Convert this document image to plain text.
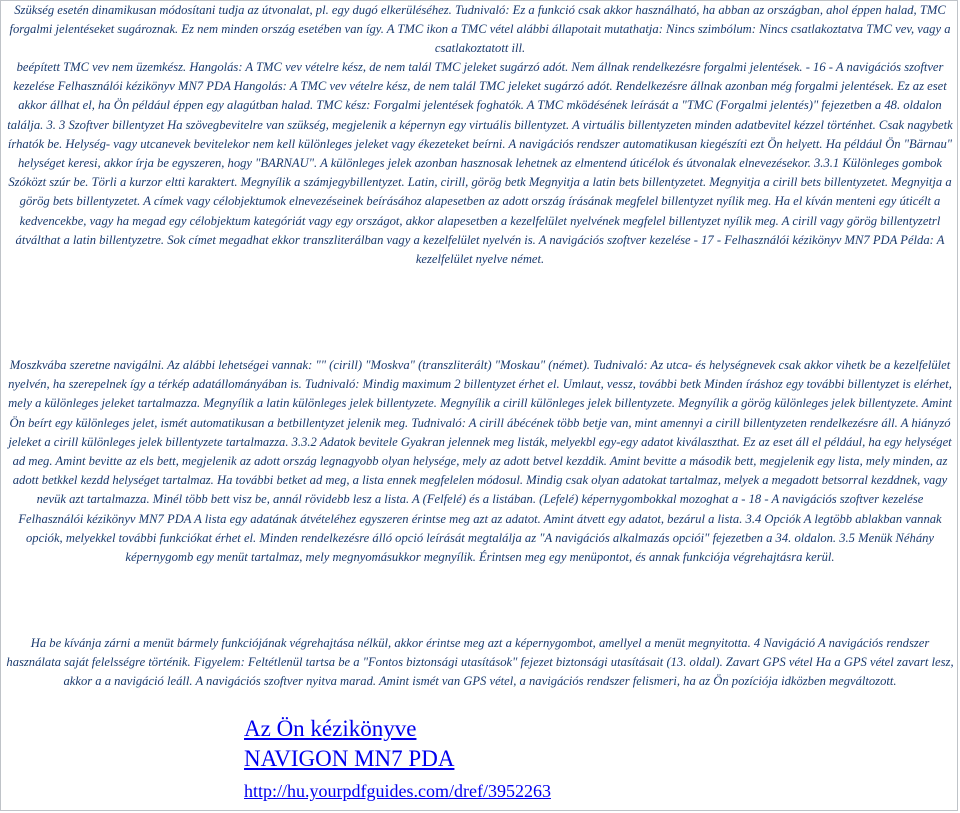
Szükség esetén dinamikusan módosítani tudja az útvonalat, pl. egy dugó elkerüléséhez. Tudnivaló: Ez a funkció csak akkor használható, ha abban az országban, ahol éppen halad, TMC forgalmi jelentéseket sugároznak. Ez nem minden ország esetében van így. A TMC ikon a TMC vétel alábbi állapotait mutathatja: Nincs szimbólum: Nincs csatlakoztatva TMC vev, vagy a csatlakoztatott ill.
beépített TMC vev nem üzemkész. Hangolás: A TMC vev vételre kész, de nem talál TMC jeleket sugárzó adót. Nem állnak rendelkezésre forgalmi jelentések. - 16 - A navigációs szoftver kezelése Felhasználói kézikönyv MN7 PDA Hangolás: A TMC vev vételre kész, de nem talál TMC jeleket sugárzó adót. Rendelkezésre állnak azonban még forgalmi jelentések. Ez az eset akkor állhat el, ha Ön például éppen egy alagútban halad. TMC kész: Forgalmi jelentések foghatók. A TMC mködésének leírását a "TMC (Forgalmi jelentés)" fejezetben a 48. oldalon találja. 3. 3 Szoftver billentyzet Ha szövegbevitelre van szükség, megjelenik a képernyn egy virtuális billentyzet. A virtuális billentyzeten minden adatbevitel kézzel történhet. Csak nagybetk írhatók be. Helység- vagy utcanevek bevitelekor nem kell különleges jeleket vagy ékezeteket beírni. A navigációs rendszer automatikusan kiegészíti ezt Ön helyett. Ha például Ön "Bärnau" helységet keresi, akkor írja be egyszeren, hogy "BARNAU". A különleges jelek azonban hasznosak lehetnek az elmentend úticélok és útvonalak elnevezésekor. 3.3.1 Különleges gombok Szóközt szúr be. Törli a kurzor eltti karaktert. Megnyílik a számjegybillentyzet. Latin, cirill, görög betk Megnyitja a latin bets billentyzetet. Megnyitja a cirill bets billentyzetet. Megnyitja a görög bets billentyzetet. A címek vagy célobjektumok elnevezéseinek beírásához alapesetben az adott ország írásának megfelel billentyzet nyílik meg. Ha el kíván menteni egy úticélt a kedvencekbe, vagy ha megad egy célobjektum kategóriát vagy egy országot, akkor alapesetben a kezelfelület nyelvének megfelel billentyzet nyílik meg. A cirill vagy görög billentyzetrl átválthat a latin billentyzetre. Sok címet megadhat ekkor transzliterálban vagy a kezelfelület nyelvén is. A navigációs szoftver kezelése - 17 - Felhasználói kézikönyv MN7 PDA Példa: A kezelfelület nyelve német.
Moszkvába szeretne navigálni. Az alábbi lehetségei vannak: "" (cirill) "Moskva" (transzliterált) "Moskau" (német). Tudnivaló: Az utca- és helységnevek csak akkor vihetk be a kezelfelület nyelvén, ha szerepelnek így a térkép adatállományában is. Tudnivaló: Mindig maximum 2 billentyzet érhet el. Umlaut, vessz, további betk Minden íráshoz egy további billentyzet is elérhet, mely a különleges jeleket tartalmazza. Megnyílik a latin különleges jelek billentyzete. Megnyílik a cirill különleges jelek billentyzete. Megnyílik a görög különleges jelek billentyzete. Amint Ön beírt egy különleges jelet, ismét automatikusan a betbillentyzet jelenik meg. Tudnivaló: A cirill ábécének több betje van, mint amennyi a cirill billentyzeten rendelkezésre áll. A hiányzó jeleket a cirill különleges jelek billentyzete tartalmazza. 3.3.2 Adatok bevitele Gyakran jelennek meg listák, melyekbl egy-egy adatot kiválaszthat. Ez az eset áll el például, ha egy helységet ad meg. Amint bevitte az els bett, megjelenik az adott ország legnagyobb olyan helysége, mely az adott betvel kezddik. Amint bevitte a második bett, megjelenik egy lista, mely minden, az adott betkkel kezdd helységet tartalmaz. Ha további betket ad meg, a lista ennek megfelelen módosul. Mindig csak olyan adatokat tartalmaz, melyek a megadott betsorral kezddnek, vagy nevük azt tartalmazza. Minél több bett visz be, annál rövidebb lesz a lista. A (Felfelé) és a listában. (Lefelé) képernygombokkal mozoghat a - 18 - A navigációs szoftver kezelése Felhasználói kézikönyv MN7 PDA A lista egy adatának átvételéhez egyszeren érintse meg azt az adatot. Amint átvett egy adatot, bezárul a lista. 3.4 Opciók A legtöbb ablakban vannak opciók, melyekkel további funkciókat érhet el. Minden rendelkezésre álló opció leírását megtalálja az "A navigációs alkalmazás opciói" fejezetben a 34. oldalon. 3.5 Menük Néhány képernygomb egy menüt tartalmaz, mely megnyomásukkor megnyílik. Érintsen meg egy menüpontot, és annak funkciója végrehajtásra kerül.
Ha be kívánja zárni a menüt bármely funkciójának végrehajtása nélkül, akkor érintse meg azt a képernygombot, amellyel a menüt megnyitotta. 4 Navigáció A navigációs rendszer használata saját felelsségre történik. Figyelem: Feltétlenül tartsa be a "Fontos biztonsági utasítások" fejezet biztonsági utasításait (13. oldal). Zavart GPS vétel Ha a GPS vétel zavart lesz, akkor a a navigáció leáll. A navigációs szoftver nyitva marad. Amint ismét van GPS vétel, a navigációs rendszer felismeri, ha az Ön pozíciója idközben megváltozott.
Az Ön kézikönyve
NAVIGON MN7 PDA
http://hu.yourpdfguides.com/dref/3952263
